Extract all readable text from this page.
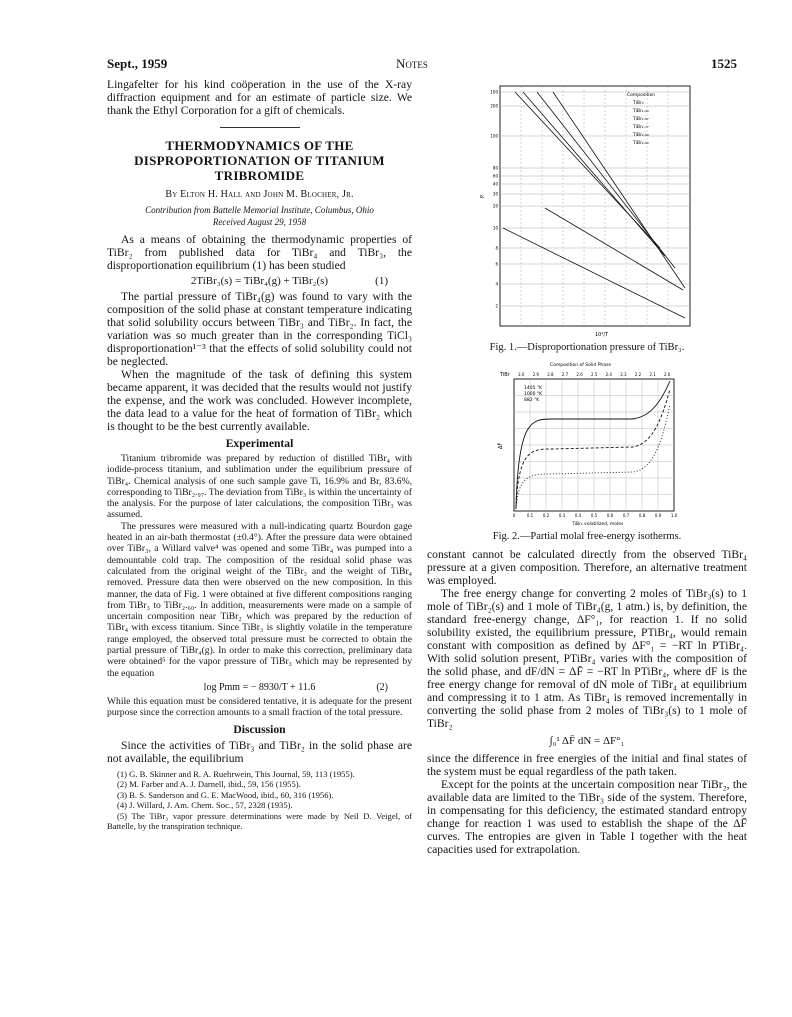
Sept., 1959	Notes	1525

Lingafelter for his kind coöperation in the use of the X-ray diffraction equipment and for an estimate of particle size. We thank the Ethyl Corporation for a gift of chemicals.

THERMODYNAMICS OF THE
DISPROPORTIONATION OF TITANIUM
TRIBROMIDE
By Elton H. Hall and John M. Blocher, Jr.
Contribution from Battelle Memorial Institute, Columbus, Ohio
Received August 29, 1958

As a means of obtaining the thermodynamic properties of TiBr₂ from published data for TiBr₄ and TiBr₃, the disproportionation equilibrium (1) has been studied

2TiBr₃(s) = TiBr₄(g) + TiBr₂(s)	(1)

The partial pressure of TiBr₄(g) was found to vary with the composition of the solid phase at constant temperature indicating that solid solubility occurs between TiBr₃ and TiBr₂. In fact, the variation was so much greater than in the corresponding TiCl₃ disproportionation¹⁻³ that the effects of solid solubility could not be neglected.

When the magnitude of the task of defining this system became apparent, it was decided that the results would not justify the expense, and the work was concluded. However incomplete, the data lead to a value for the heat of formation of TiBr₂ which is thought to be the best currently available.

Experimental

Titanium tribromide was prepared by reduction of distilled TiBr₄ with iodide-process titanium, and sublimation under the equilibrium pressure of TiBr₄. Chemical analysis of one such sample gave Ti, 16.9% and Br, 83.6%, corresponding to TiBr₂.₉₇. The deviation from TiBr₃ is within the uncertainty of the analysis. For the purpose of later calculations, the composition TiBr₃ was assumed.

The pressures were measured with a null-indicating quartz Bourdon gage heated in an air-bath thermostat (±0.4°). After the pressure data were obtained over TiBr₃, a Willard valve⁴ was opened and some TiBr₄ was pumped into a demountable cold trap. The composition of the residual solid phase was calculated from the original weight of the TiBr₃ and the weight of TiBr₄ removed. Pressure data then were observed on the new composition. In this manner, the data of Fig. 1 were obtained at five different compositions ranging from TiBr₃ to TiBr₂.₆₀. In addition, measurements were made on a sample of uncertain composition near TiBr₂ which was prepared by the reduction of TiBr₄ with excess titanium. Since TiBr₃ is slightly volatile in the temperature range employed, the observed total pressure must be corrected to obtain the partial pressure of TiBr₄(g). In order to make this correction, preliminary data were obtained⁵ for the vapor pressure of TiBr₃ which may be represented by the equation

log Pmm = − 8930/T + 11.6	(2)

While this equation must be considered tentative, it is adequate for the present purpose since the correction amounts to a small fraction of the total pressure.

Discussion

Since the activities of TiBr₃ and TiBr₂ in the solid phase are not available, the equilibrium

(1) G. B. Skinner and R. A. Ruehrwein, This Journal, 59, 113 (1955).

(2) M. Farber and A. J. Darnell, ibid., 59, 156 (1955).

(3) B. S. Sanderson and G. E. MacWood, ibid., 60, 316 (1956).

(4) J. Willard, J. Am. Chem. Soc., 57, 2328 (1935).

(5) The TiBr₃ vapor pressure determinations were made by Neil D. Veigel, of Battelle, by the transpiration technique.

100
200
100
80
60
40
30
20
10
8
6
4
2
Composition
TiBr₃
TiBr₂.₉₄
TiBr₂.₈₇
TiBr₂.₇₇
TiBr₂.₆₉
TiBr₂.₆₀
P
10⁴/T
Fig. 1.—Disproportionation pressure of TiBr₃.
Composition of Solid Phase
TiBr 3.0 2.9 2.8 2.7 2.6 2.5 2.4 2.3 2.2 2.1 2.0
0	0.1 0.2 0.3 0.4 0.5 0.6 0.7 0.8 0.9 1.0
1405 °K
1000 °K
882 °K
ΔF̄
TiBr₄ volatilized, moles
Fig. 2.—Partial molal free-energy isotherms.

constant cannot be calculated directly from the observed TiBr₄ pressure at a given composition. Therefore, an alternative treatment was employed.

The free energy change for converting 2 moles of TiBr₃(s) to 1 mole of TiBr₂(s) and 1 mole of TiBr₄(g, 1 atm.) is, by definition, the standard free-energy change, ΔF°₁, for reaction 1. If no solid solubility existed, the equilibrium pressure, PTiBr₄, would remain constant with composition as defined by ΔF°₁ = −RT ln PTiBr₄. With solid solution present, PTiBr₄ varies with the composition of the solid phase, and dF/dN = ΔF̄ = −RT ln PTiBr₄, where dF is the free energy change for removal of dN mole of TiBr₄ at equilibrium and compressing it to 1 atm. As TiBr₄ is removed incrementally in converting the solid phase from 2 moles of TiBr₃(s) to 1 mole of TiBr₂

∫₀¹ ΔF̄ dN = ΔF°₁

since the difference in free energies of the initial and final states of the system must be equal regardless of the path taken.

Except for the points at the uncertain composition near TiBr₂, the available data are limited to the TiBr₃ side of the system. Therefore, in compensating for this deficiency, the estimated standard entropy change for reaction 1 was used to establish the shape of the ΔF̄ curves. The entropies are given in Table I together with the heat capacities used for extrapolation.
